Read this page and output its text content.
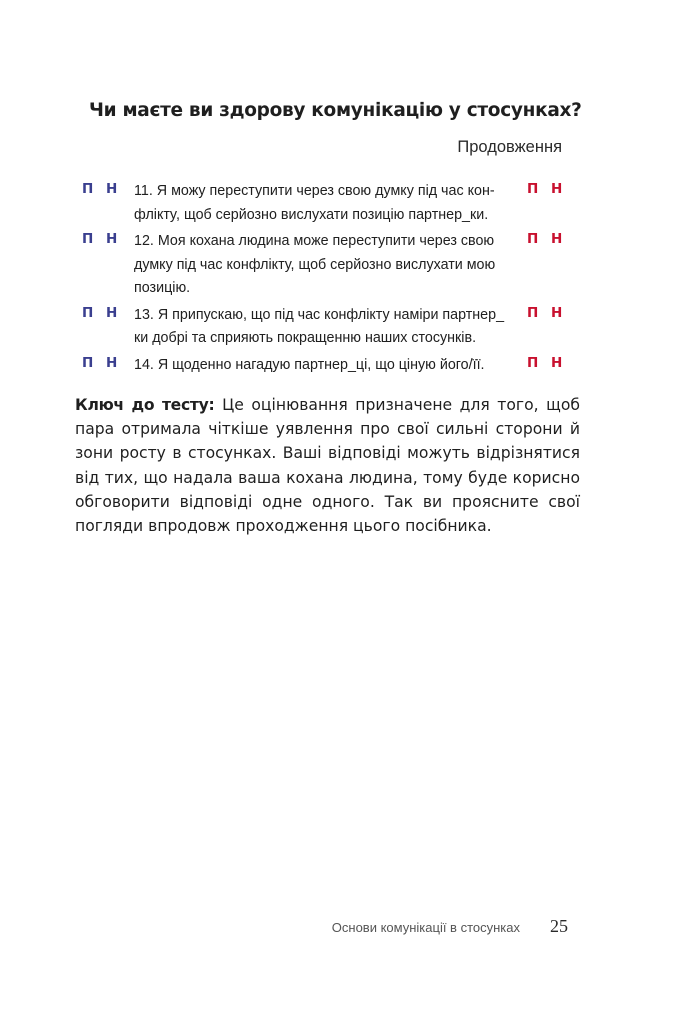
Чи маєте ви здорову комунікацію у стосунках?
Продовження
П Н 11. Я можу переступити через свою думку під час кон- фліктy, щоб серйозно вислухати позицію партнер_ки.
П Н
П Н 12. Моя кохана людина може переступити через свою думку під час конфлікту, щоб серйозно вислухати мою позицію.
П Н
П Н 13. Я припускаю, що під час конфлікту наміри партнер_ ки добрі та сприяють покращенню наших стосунків.
П Н
П Н 14. Я щоденно нагадую партнер_ці, що ціную його/її.	П Н
Ключ до тесту: Це оцінювання призначене для того, щоб пара отримала чіткіше уявлення про свої сильні сторони й зони росту в стосунках. Ваші відповіді можуть відрізнятися від тих, що надала ваша кохана людина, тому буде корисно обговорити відповіді одне одного. Так ви проясните свої погляди впродовж проходження цього посібника.
Основи комунікації в стосунках 25
